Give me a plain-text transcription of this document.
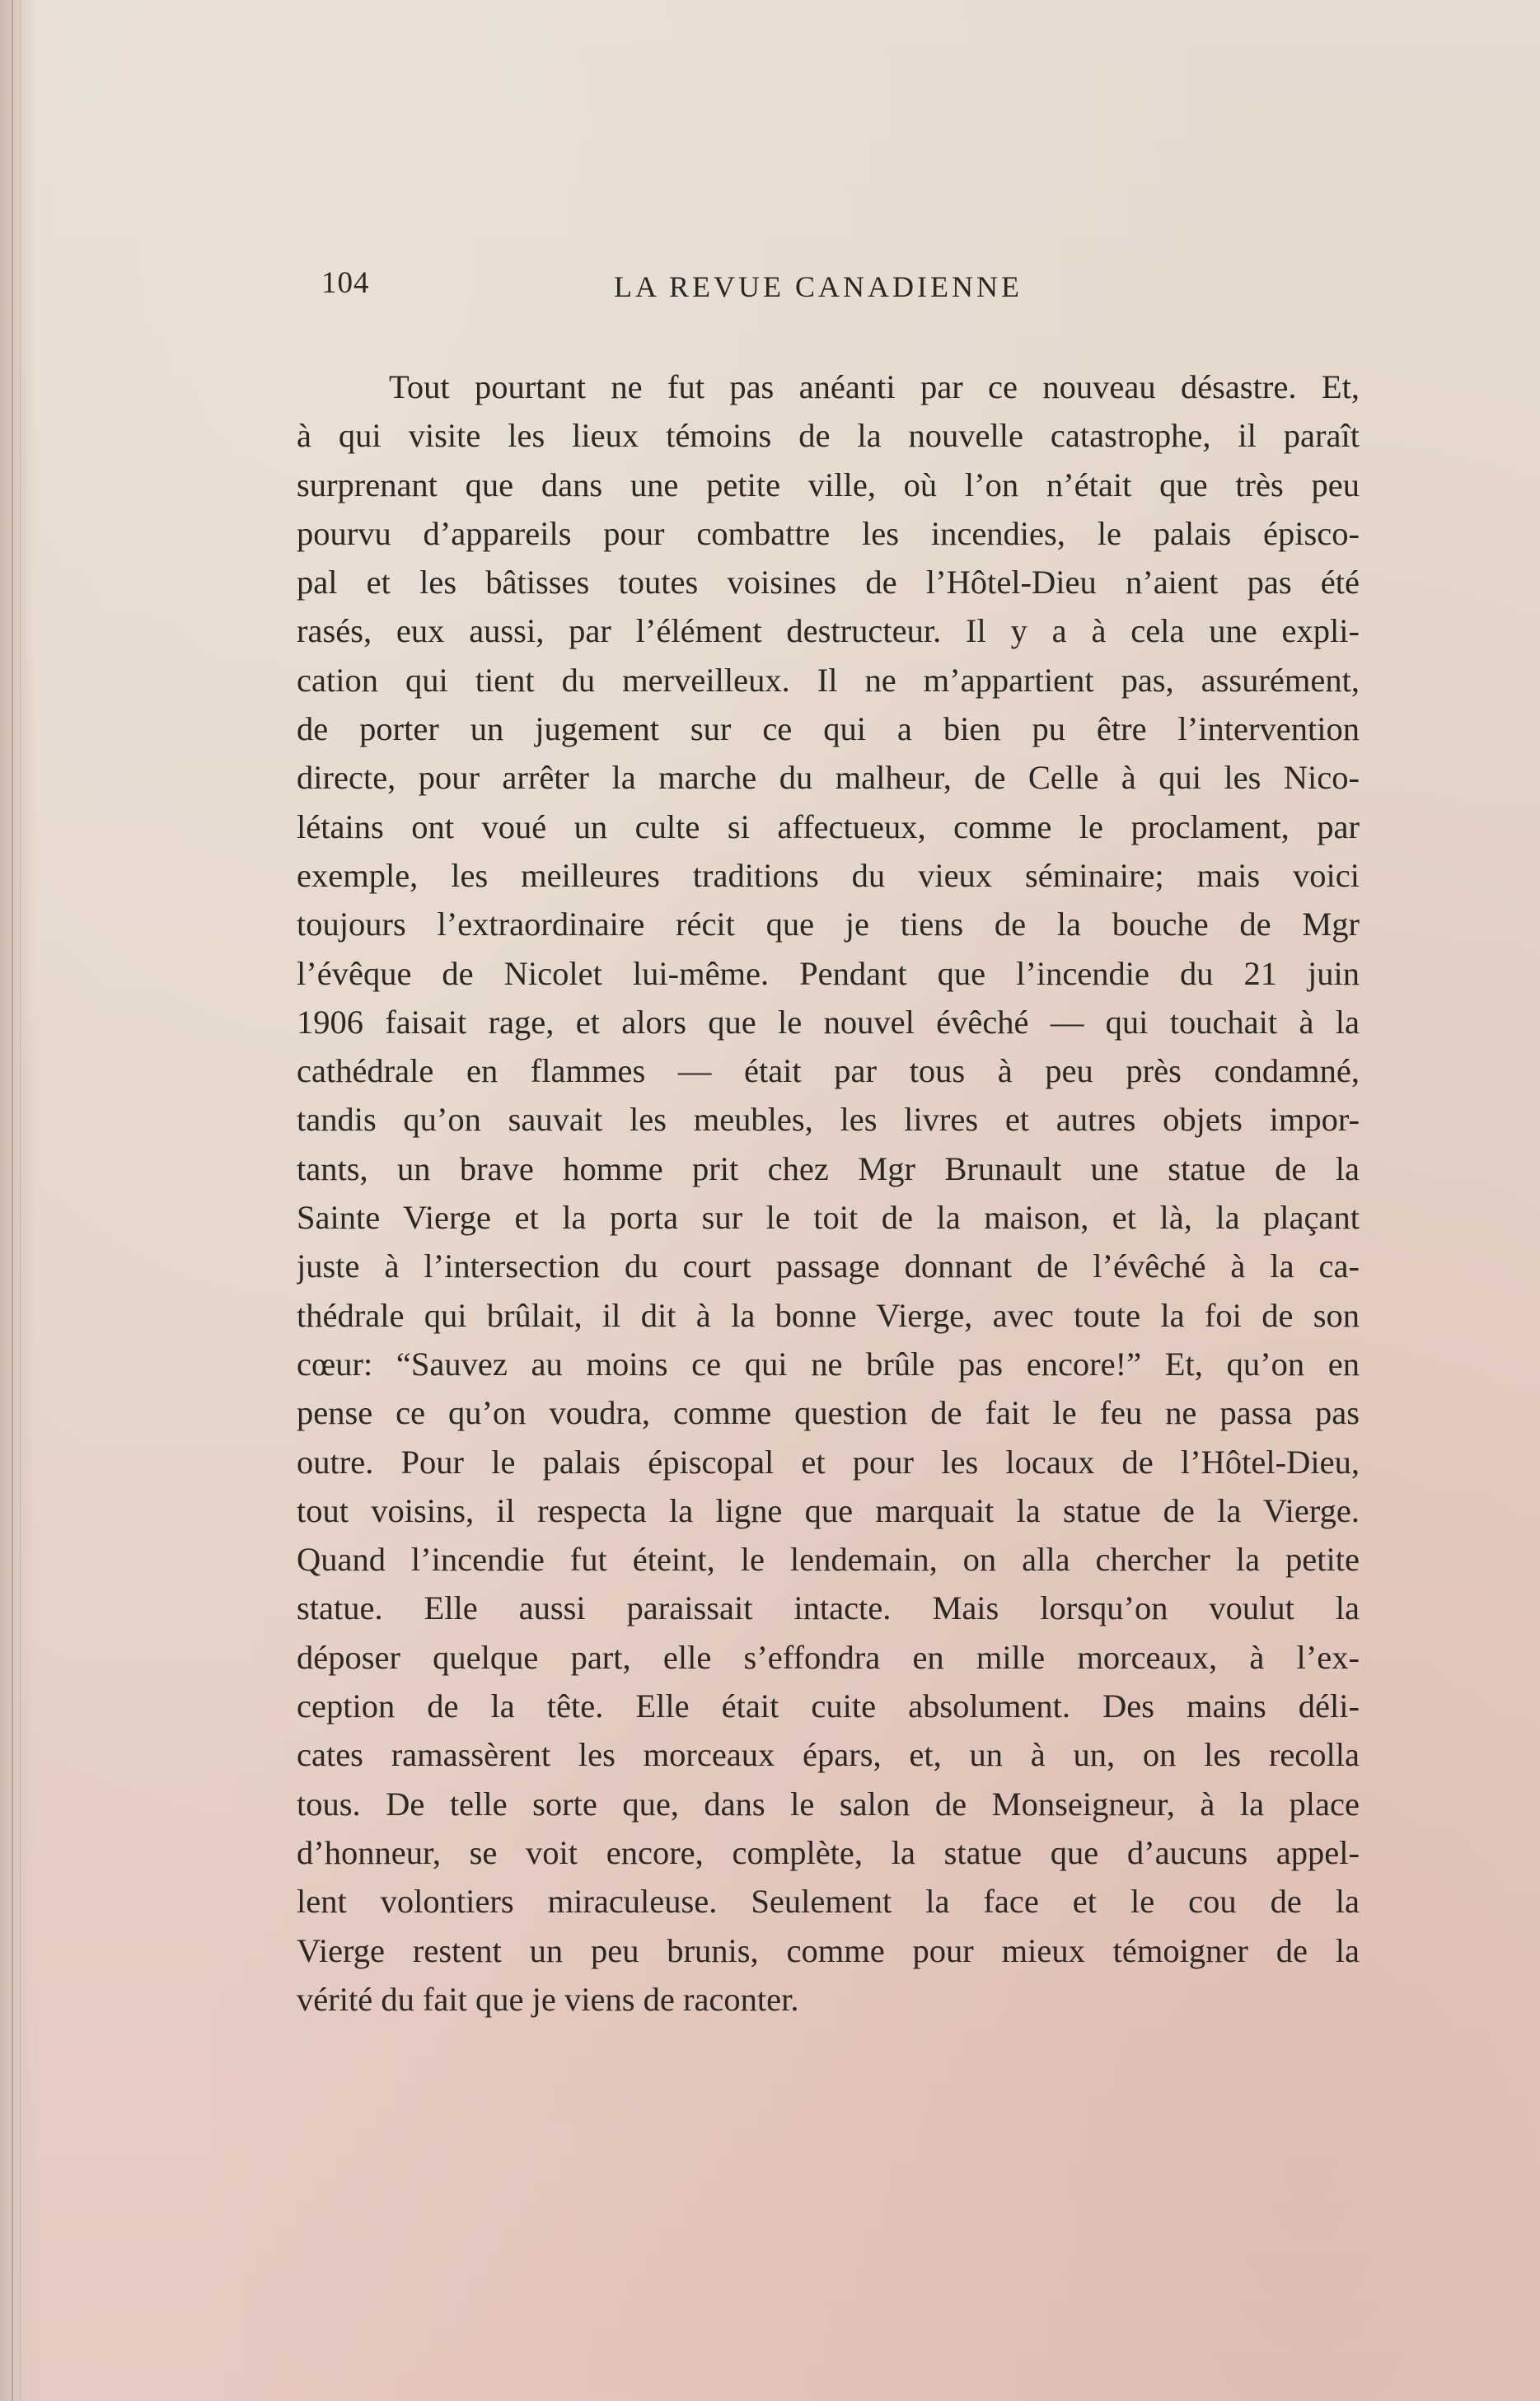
104	LA REVUE CANADIENNE
Tout pourtant ne fut pas anéanti par ce nouveau désastre. Et,
à qui visite les lieux témoins de la nouvelle catastrophe, il paraît
surprenant que dans une petite ville, où l’on n’était que très peu
pourvu d’appareils pour combattre les incendies, le palais épisco-
pal et les bâtisses toutes voisines de l’Hôtel-Dieu n’aient pas été
rasés, eux aussi, par l’élément destructeur. Il y a à cela une expli-
cation qui tient du merveilleux. Il ne m’appartient pas, assurément,
de porter un jugement sur ce qui a bien pu être l’intervention
directe, pour arrêter la marche du malheur, de Celle à qui les Nico-
létains ont voué un culte si affectueux, comme le proclament, par
exemple, les meilleures traditions du vieux séminaire; mais voici
toujours l’extraordinaire récit que je tiens de la bouche de Mgr
l’évêque de Nicolet lui-même. Pendant que l’incendie du 21 juin
1906 faisait rage, et alors que le nouvel évêché — qui touchait à la
cathédrale en flammes — était par tous à peu près condamné,
tandis qu’on sauvait les meubles, les livres et autres objets impor-
tants, un brave homme prit chez Mgr Brunault une statue de la
Sainte Vierge et la porta sur le toit de la maison, et là, la plaçant
juste à l’intersection du court passage donnant de l’évêché à la ca-
thédrale qui brûlait, il dit à la bonne Vierge, avec toute la foi de son
cœur: “Sauvez au moins ce qui ne brûle pas encore!” Et, qu’on en
pense ce qu’on voudra, comme question de fait le feu ne passa pas
outre. Pour le palais épiscopal et pour les locaux de l’Hôtel-Dieu,
tout voisins, il respecta la ligne que marquait la statue de la Vierge.
Quand l’incendie fut éteint, le lendemain, on alla chercher la petite
statue. Elle aussi paraissait intacte. Mais lorsqu’on voulut la
déposer quelque part, elle s’effondra en mille morceaux, à l’ex-
ception de la tête. Elle était cuite absolument. Des mains déli-
cates ramassèrent les morceaux épars, et, un à un, on les recolla
tous. De telle sorte que, dans le salon de Monseigneur, à la place
d’honneur, se voit encore, complète, la statue que d’aucuns appel-
lent volontiers miraculeuse. Seulement la face et le cou de la
Vierge restent un peu brunis, comme pour mieux témoigner de la
vérité du fait que je viens de raconter.
